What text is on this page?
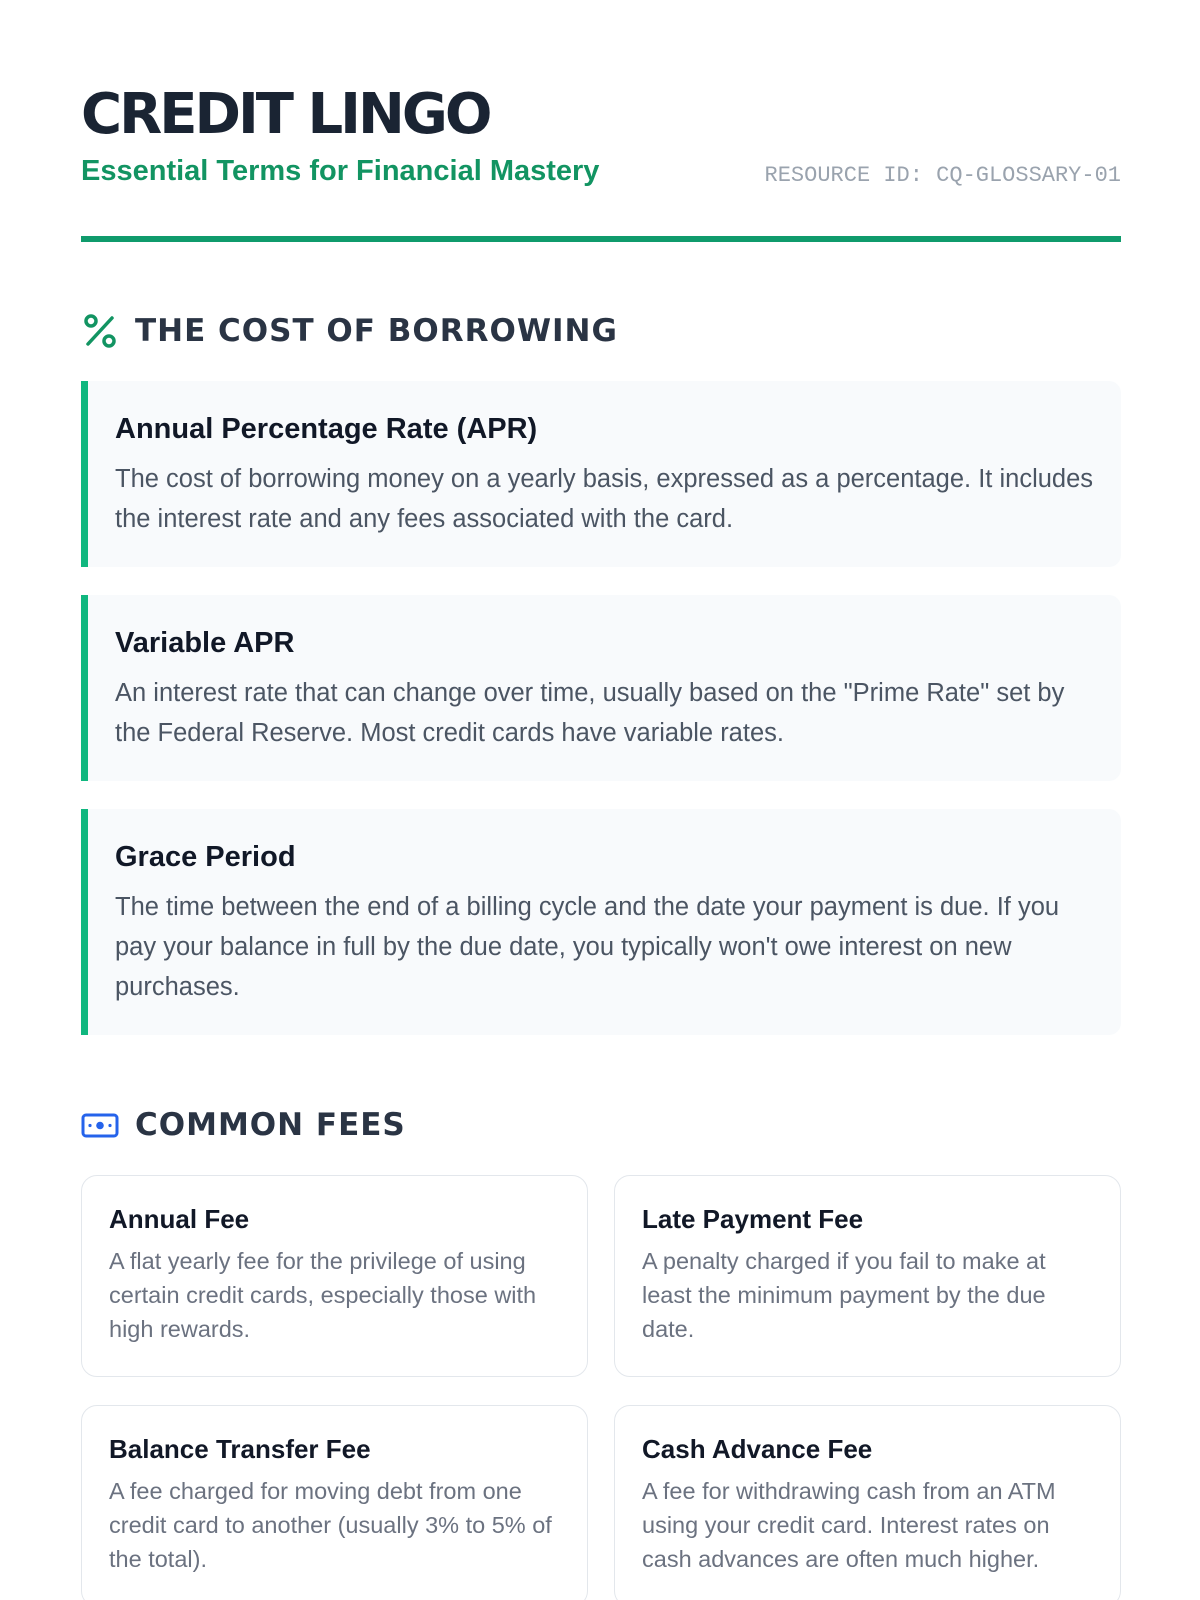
CREDIT LINGO
Essential Terms for Financial Mastery	RESOURCE ID: CQ-GLOSSARY-01
THE COST OF BORROWING
Annual Percentage Rate (APR)
The cost of borrowing money on a yearly basis, expressed as a percentage. It includes the interest rate and any fees associated with the card.
Variable APR
An interest rate that can change over time, usually based on the "Prime Rate" set by the Federal Reserve. Most credit cards have variable rates.
Grace Period
The time between the end of a billing cycle and the date your payment is due. If you pay your balance in full by the due date, you typically won't owe interest on new purchases.
COMMON FEES
Annual Fee
A flat yearly fee for the privilege of using certain credit cards, especially those with high rewards.
Late Payment Fee
A penalty charged if you fail to make at least the minimum payment by the due date.
Balance Transfer Fee
A fee charged for moving debt from one credit card to another (usually 3% to 5% of the total).
Cash Advance Fee
A fee for withdrawing cash from an ATM using your credit card. Interest rates on cash advances are often much higher.
